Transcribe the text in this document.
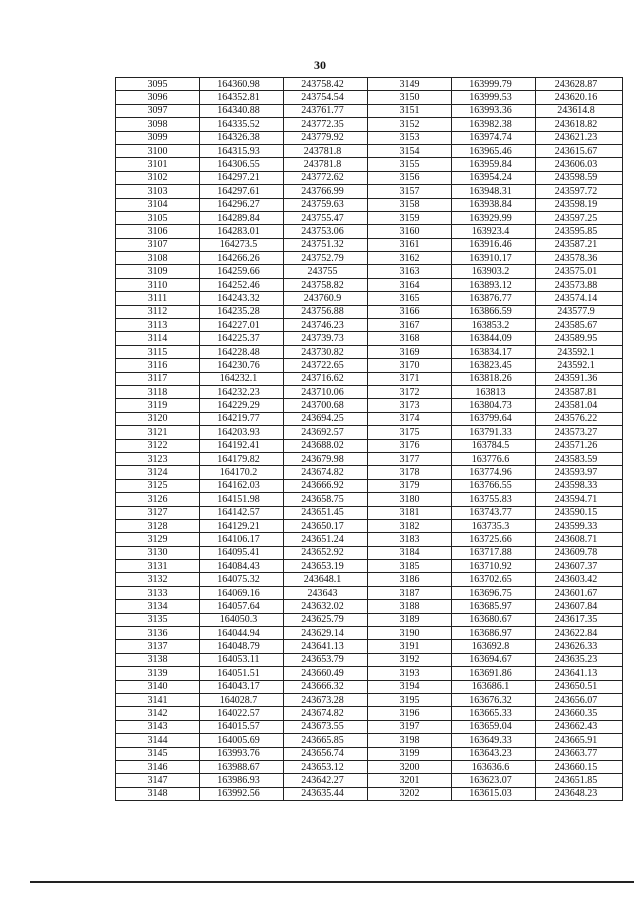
30
3095	164360.98	243758.42	3149	163999.79	243628.87
3096	164352.81	243754.54	3150	163999.53	243620.16
3097	164340.88	243761.77	3151	163993.36	243614.8
3098	164335.52	243772.35	3152	163982.38	243618.82
3099	164326.38	243779.92	3153	163974.74	243621.23
3100	164315.93	243781.8	3154	163965.46	243615.67
3101	164306.55	243781.8	3155	163959.84	243606.03
3102	164297.21	243772.62	3156	163954.24	243598.59
3103	164297.61	243766.99	3157	163948.31	243597.72
3104	164296.27	243759.63	3158	163938.84	243598.19
3105	164289.84	243755.47	3159	163929.99	243597.25
3106	164283.01	243753.06	3160	163923.4	243595.85
3107	164273.5	243751.32	3161	163916.46	243587.21
3108	164266.26	243752.79	3162	163910.17	243578.36
3109	164259.66	243755	3163	163903.2	243575.01
3110	164252.46	243758.82	3164	163893.12	243573.88
3111	164243.32	243760.9	3165	163876.77	243574.14
3112	164235.28	243756.88	3166	163866.59	243577.9
3113	164227.01	243746.23	3167	163853.2	243585.67
3114	164225.37	243739.73	3168	163844.09	243589.95
3115	164228.48	243730.82	3169	163834.17	243592.1
3116	164230.76	243722.65	3170	163823.45	243592.1
3117	164232.1	243716.62	3171	163818.26	243591.36
3118	164232.23	243710.06	3172	163813	243587.81
3119	164229.29	243700.68	3173	163804.73	243581.04
3120	164219.77	243694.25	3174	163799.64	243576.22
3121	164203.93	243692.57	3175	163791.33	243573.27
3122	164192.41	243688.02	3176	163784.5	243571.26
3123	164179.82	243679.98	3177	163776.6	243583.59
3124	164170.2	243674.82	3178	163774.96	243593.97
3125	164162.03	243666.92	3179	163766.55	243598.33
3126	164151.98	243658.75	3180	163755.83	243594.71
3127	164142.57	243651.45	3181	163743.77	243590.15
3128	164129.21	243650.17	3182	163735.3	243599.33
3129	164106.17	243651.24	3183	163725.66	243608.71
3130	164095.41	243652.92	3184	163717.88	243609.78
3131	164084.43	243653.19	3185	163710.92	243607.37
3132	164075.32	243648.1	3186	163702.65	243603.42
3133	164069.16	243643	3187	163696.75	243601.67
3134	164057.64	243632.02	3188	163685.97	243607.84
3135	164050.3	243625.79	3189	163680.67	243617.35
3136	164044.94	243629.14	3190	163686.97	243622.84
3137	164048.79	243641.13	3191	163692.8	243626.33
3138	164053.11	243653.79	3192	163694.67	243635.23
3139	164051.51	243660.49	3193	163691.86	243641.13
3140	164043.17	243666.32	3194	163686.1	243650.51
3141	164028.7	243673.28	3195	163676.32	243656.07
3142	164022.57	243674.82	3196	163665.33	243660.35
3143	164015.57	243673.55	3197	163659.04	243662.43
3144	164005.69	243665.85	3198	163649.33	243665.91
3145	163993.76	243656.74	3199	163643.23	243663.77
3146	163988.67	243653.12	3200	163636.6	243660.15
3147	163986.93	243642.27	3201	163623.07	243651.85
3148	163992.56	243635.44	3202	163615.03	243648.23
